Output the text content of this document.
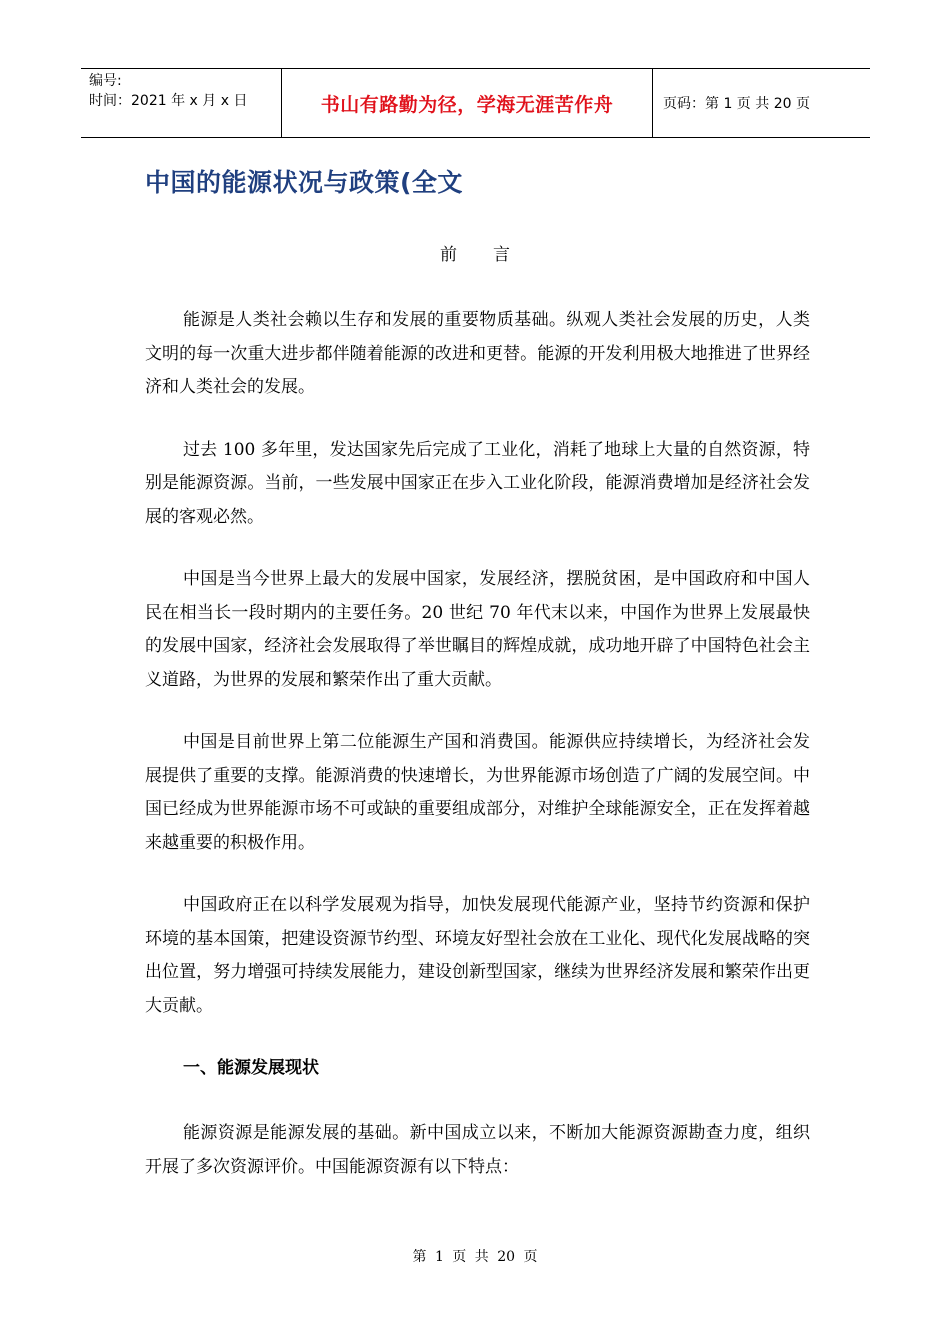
编号:
时间：2021 年 x 月 x 日	书山有路勤为径，学海无涯苦作舟	页码：第 1 页 共 20 页
中国的能源状况与政策(全文
前言

能源是人类社会赖以生存和发展的重要物质基础。纵观人类社会发展的历史，人类文明的每一次重大进步都伴随着能源的改进和更替。能源的开发利用极大地推进了世界经济和人类社会的发展。

过去 100 多年里，发达国家先后完成了工业化，消耗了地球上大量的自然资源，特别是能源资源。当前，一些发展中国家正在步入工业化阶段，能源消费增加是经济社会发展的客观必然。

中国是当今世界上最大的发展中国家，发展经济，摆脱贫困，是中国政府和中国人民在相当长一段时期内的主要任务。20 世纪 70 年代末以来，中国作为世界上发展最快的发展中国家，经济社会发展取得了举世瞩目的辉煌成就，成功地开辟了中国特色社会主义道路，为世界的发展和繁荣作出了重大贡献。

中国是目前世界上第二位能源生产国和消费国。能源供应持续增长，为经济社会发展提供了重要的支撑。能源消费的快速增长，为世界能源市场创造了广阔的发展空间。中国已经成为世界能源市场不可或缺的重要组成部分，对维护全球能源安全，正在发挥着越来越重要的积极作用。

中国政府正在以科学发展观为指导，加快发展现代能源产业，坚持节约资源和保护环境的基本国策，把建设资源节约型、环境友好型社会放在工业化、现代化发展战略的突出位置，努力增强可持续发展能力，建设创新型国家，继续为世界经济发展和繁荣作出更大贡献。

一、能源发展现状

能源资源是能源发展的基础。新中国成立以来，不断加大能源资源勘查力度，组织开展了多次资源评价。中国能源资源有以下特点：

第 1 页 共 20 页
